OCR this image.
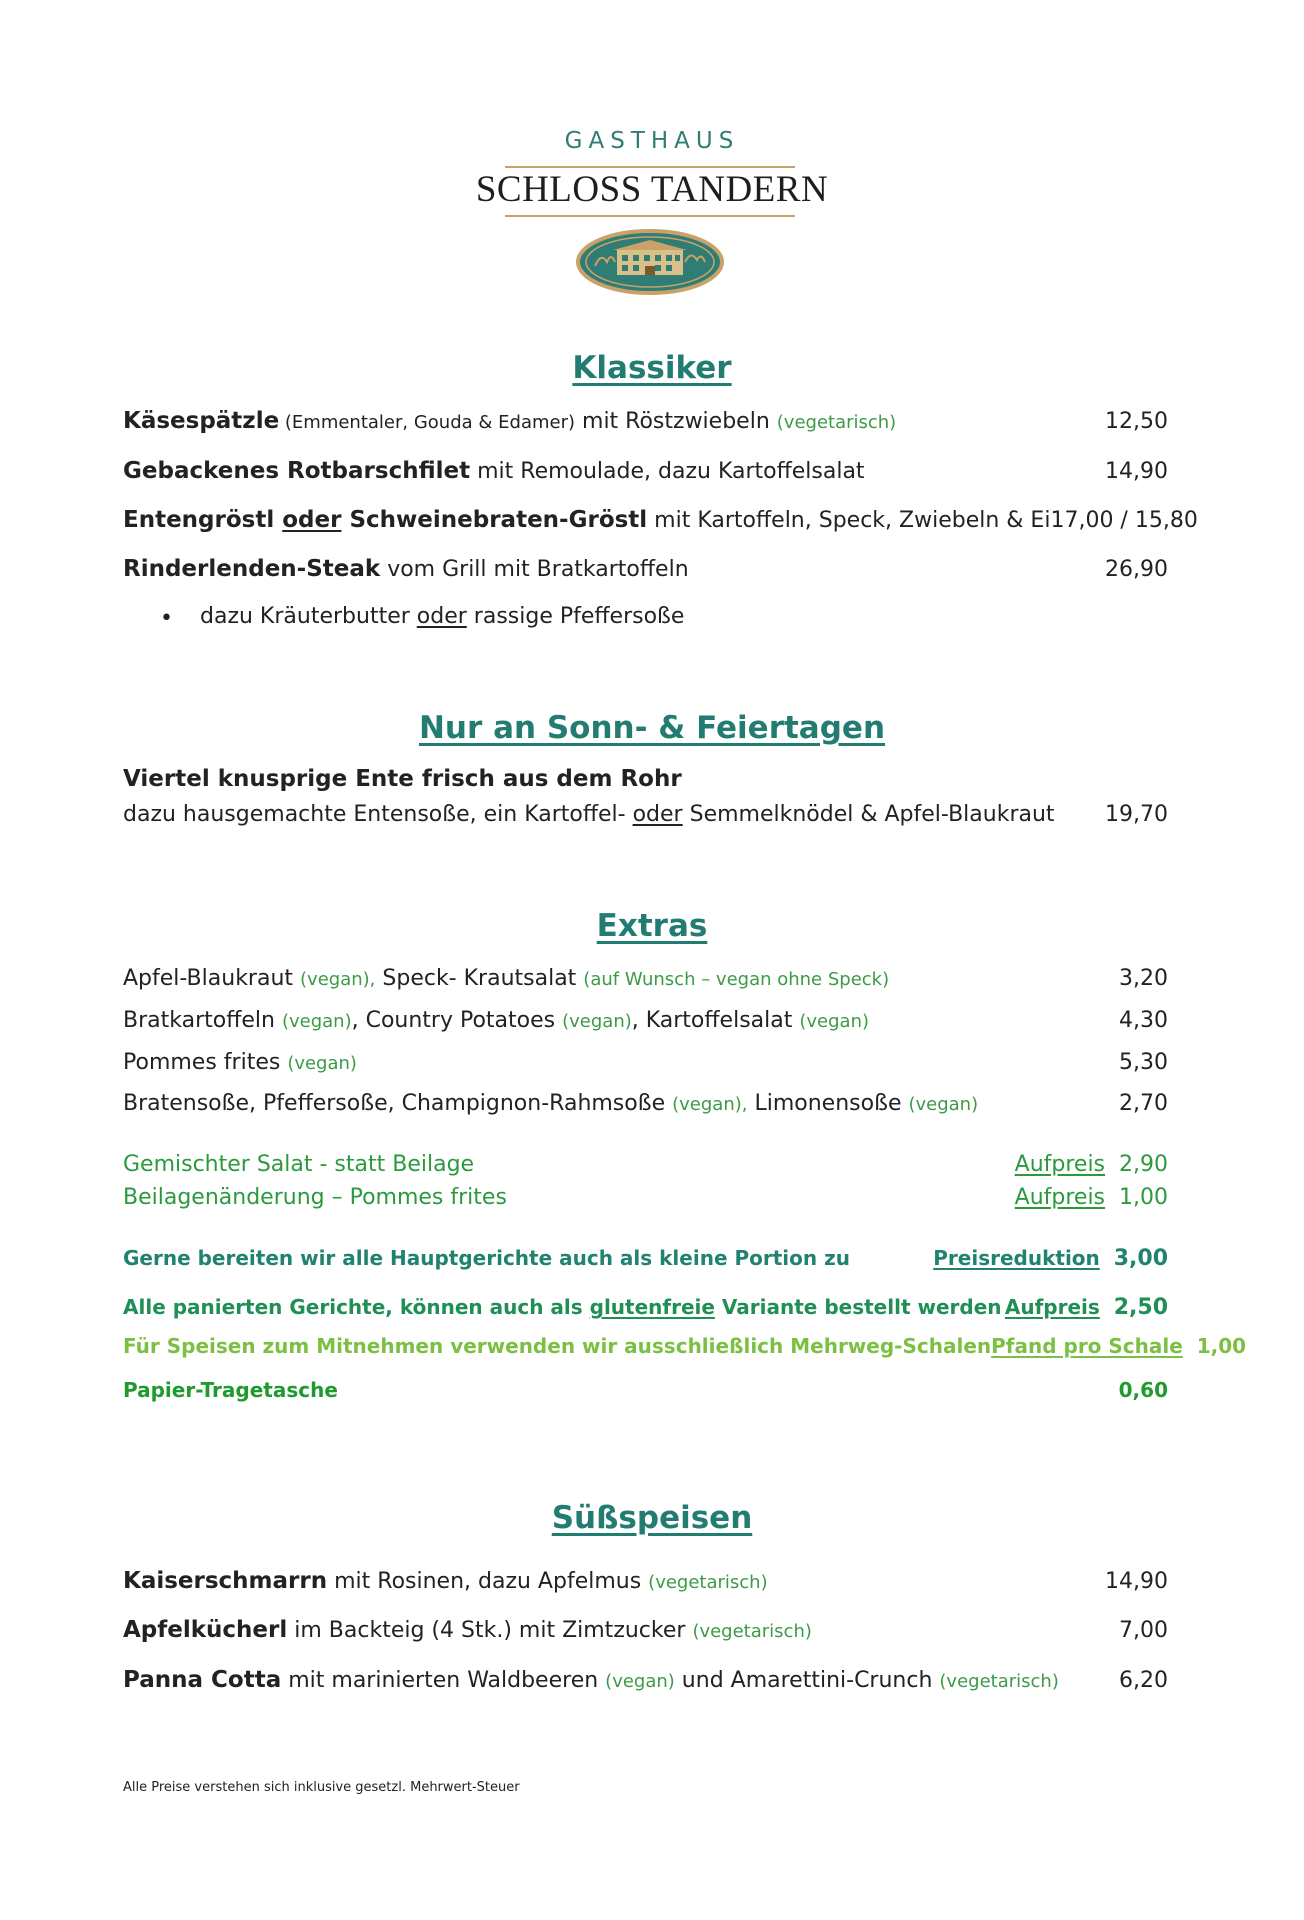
GASTHAUS
SCHLOSS TANDERN
Klassiker
Käsespätzle (Emmentaler, Gouda & Edamer) mit Röstzwiebeln (vegetarisch)	12,50
Gebackenes Rotbarschfilet mit Remoulade, dazu Kartoffelsalat	14,90
Entengröstl oder Schweinebraten-Gröstl mit Kartoffeln, Speck, Zwiebeln & Ei 17,00 / 15,80
Rinderlenden-Steak vom Grill mit Bratkartoffeln	26,90
• dazu Kräuterbutter oder rassige Pfeffersoße
Nur an Sonn- & Feiertagen
Viertel knusprige Ente frisch aus dem Rohr
dazu hausgemachte Entensoße, ein Kartoffel- oder Semmelknödel & Apfel-Blaukraut 19,70
Extras
Apfel-Blaukraut (vegan), Speck- Krautsalat (auf Wunsch – vegan ohne Speck)	3,20
Bratkartoffeln (vegan), Country Potatoes (vegan), Kartoffelsalat (vegan)	4,30
Pommes frites (vegan)	5,30
Bratensoße, Pfeffersoße, Champignon-Rahmsoße (vegan), Limonensoße (vegan)	2,70
Gemischter Salat - statt Beilage	Aufpreis 2,90
Beilagenänderung – Pommes frites	Aufpreis 1,00
Gerne bereiten wir alle Hauptgerichte auch als kleine Portion zu	Preisreduktion 3,00
Alle panierten Gerichte, können auch als glutenfreie Variante bestellt werden Aufpreis 2,50
Für Speisen zum Mitnehmen verwenden wir ausschließlich Mehrweg-Schalen Pfand pro Schale 1,00
Papier-Tragetasche	0,60
Süßspeisen
Kaiserschmarrn mit Rosinen, dazu Apfelmus (vegetarisch)	14,90
Apfelkücherl im Backteig (4 Stk.) mit Zimtzucker (vegetarisch)	7,00
Panna Cotta mit marinierten Waldbeeren (vegan) und Amarettini-Crunch (vegetarisch)	6,20
Alle Preise verstehen sich inklusive gesetzl. Mehrwert-Steuer
